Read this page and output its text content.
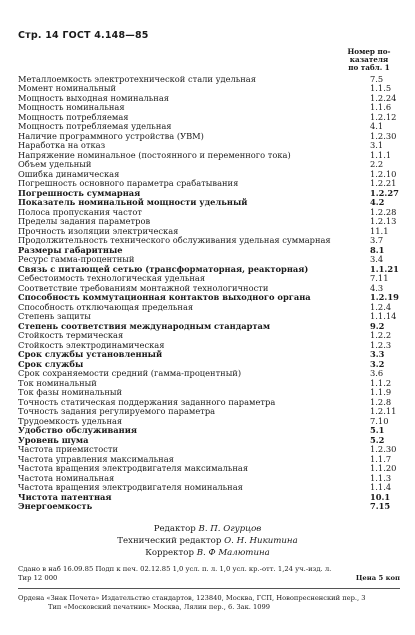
Стр. 14 ГОСТ 4.148—85
Номер по-
казателя
по табл. 1
Металлоемкость электротехнической стали удельная	7.5
Момент номинальный	1.1.5
Мощность выходная номинальная	1.2.24
Мощность номинальная	1.1.6
Мощность потребляемая	1.2.12
Мощность потребляемая удельная	4.1
Наличие программного устройства (УВМ)	1.2.30
Наработка на отказ	3.1
Напряжение номинальное (постоянного и переменного тока)	1.1.1
Объем удельный	2.2
Ошибка динамическая	1.2.10
Погрешность основного параметра срабатывания	1.2.21
Погрешность суммарная	1.2.27
Показатель номинальной мощности удельный	4.2
Полоса пропускания частот	1.2.28
Пределы задания параметров	1.2.13
Прочность изоляции электрическая	11.1
Продолжительность технического обслуживания удельная суммарная	3.7
Размеры габаритные	8.1
Ресурс гамма-процентный	3.4
Связь с питающей сетью (трансформаторная, реакторная)	1.1.21
Себестоимость технологическая удельная	7.11
Соответствие требованиям монтажной технологичности	4.3
Способность коммутационная контактов выходного органа	1.2.19
Способность отключающая предельная	1.2.4
Степень защиты	1.1.14
Степень соответствия международным стандартам	9.2
Стойкость термическая	1.2.2
Стойкость электродинамическая	1.2.3
Срок службы установленный	3.3
Срок службы	3.2
Срок сохраняемости средний (гамма-процентный)	3.6
Ток номинальный	1.1.2
Ток фазы номинальный	1.1.9
Точность статическая поддержания заданного параметра	1.2.8
Точность задания регулируемого параметра	1.2.11
Трудоемкость удельная	7.10
Удобство обслуживания	5.1
Уровень шума	5.2
Частота приемистости	1.2.30
Частота управления максимальная	1.1.7
Частота вращения электродвигателя максимальная	1.1.20
Частота номинальная	1.1.3
Частота вращения электродвигателя номинальная	1.1.4
Чистота патентная	10.1
Энергоемкость	7.15
Редактор В. П. Огурцов
Технический редактор О. Н. Никитина
Корректор В. Ф Малютина
Сдано в наб 16.09.85 Подп к печ. 02.12.85 1,0 усл. п. л. 1,0 усл. кр.-отт. 1,24 уч.-изд. л.
Тир 12 000	Цена 5 коп
Ордена «Знак Почета» Издательство стандартов, 123840, Москва, ГСП, Новопресненский пер., 3
Тип «Московский печатник» Москва, Лялин пер., 6. Зак. 1099
